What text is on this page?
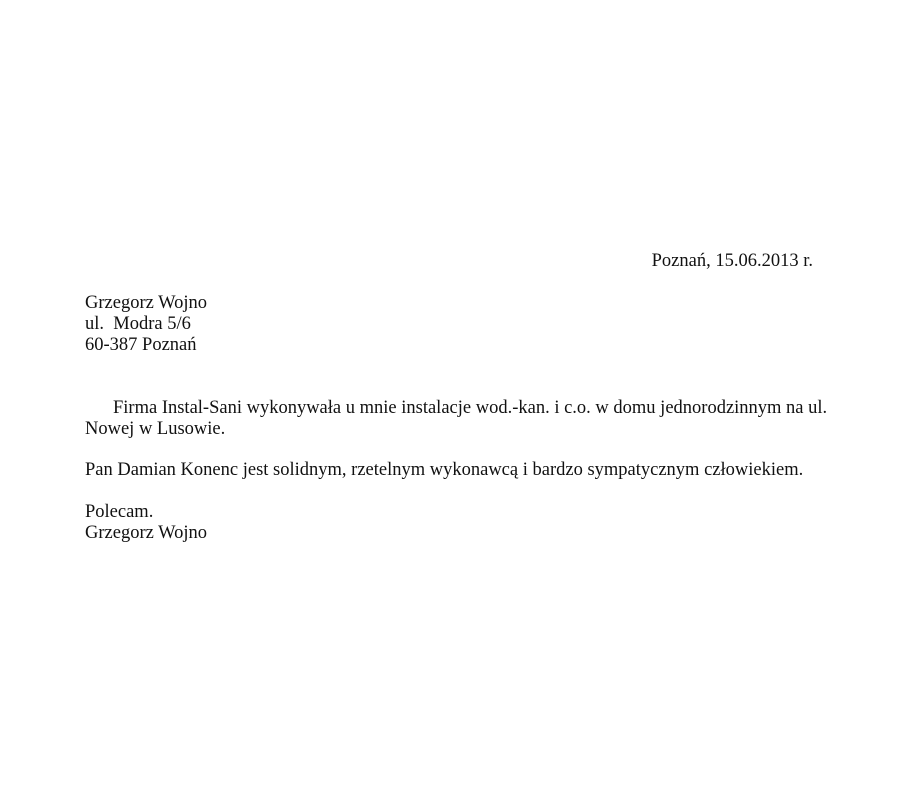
Poznań, 15.06.2013 r.
Grzegorz Wojno
ul.  Modra 5/6
60-387 Poznań
Firma Instal-Sani wykonywała u mnie instalacje wod.-kan. i c.o. w domu jednorodzinnym na ul.
Nowej w Lusowie.
Pan Damian Konenc jest solidnym, rzetelnym wykonawcą i bardzo sympatycznym człowiekiem.
Polecam.
Grzegorz Wojno
